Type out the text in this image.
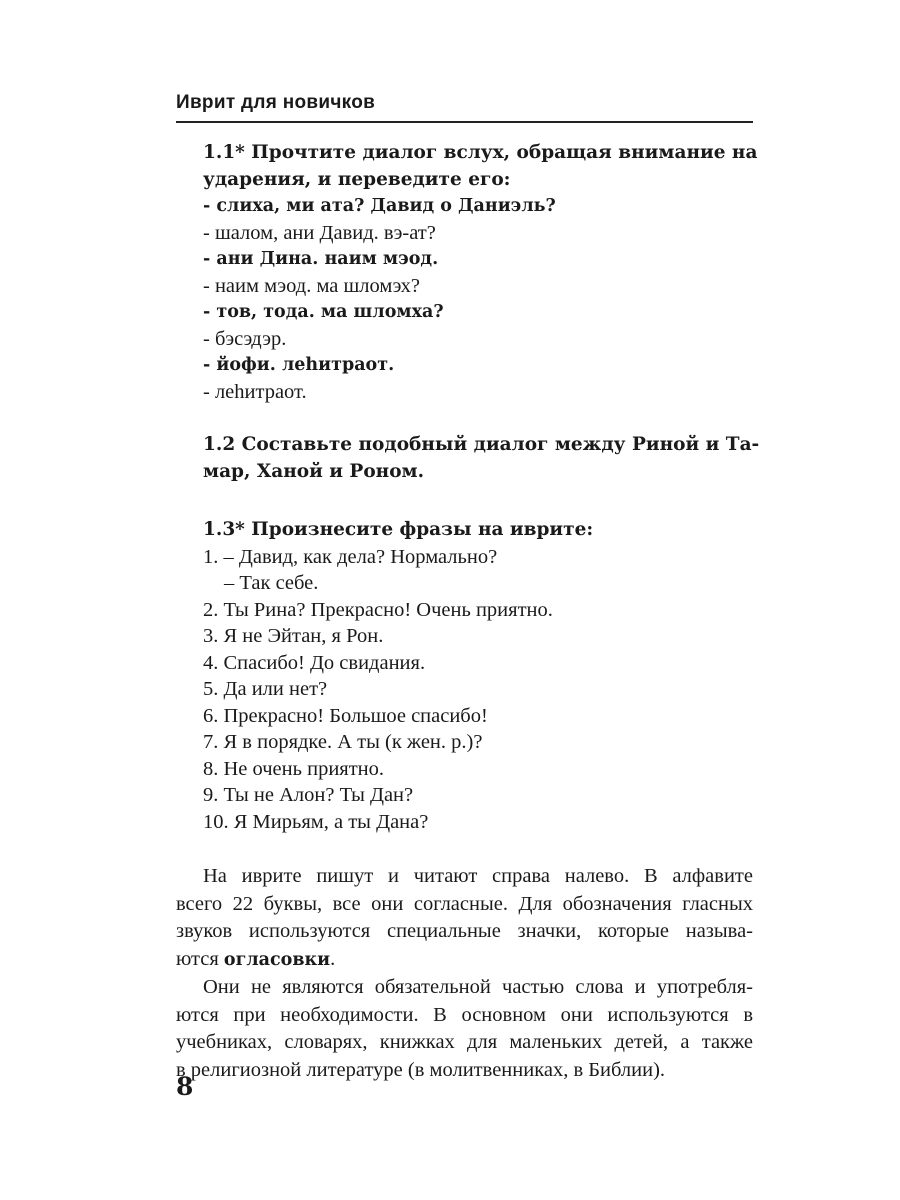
Иврит для новичков
1.1* Прочтите диалог вслух, обращая внимание на
ударения, и переведите его:
- слиха, ми ата? Давид о Даниэль?
- шалом, ани Давид. вэ-ат?
- ани Дина. наим мэод.
- наим мэод. ма шломэх?
- тов, тода. ма шломха?
- бэсэдэр.
- йофи. леhитраот.
- леhитраот.
1.2 Составьте подобный диалог между Риной и Та-
мар, Ханой и Роном.
1.3* Произнесите фразы на иврите:
1. – Давид, как дела? Нормально?
– Так себе.
2. Ты Рина? Прекрасно! Очень приятно.
3. Я не Эйтан, я Рон.
4. Спасибо! До свидания.
5. Да или нет?
6. Прекрасно! Большое спасибо!
7. Я в порядке. А ты (к жен. р.)?
8. Не очень приятно.
9. Ты не Алон? Ты Дан?
10. Я Мирьям, а ты Дана?
На иврите пишут и читают справа налево. В алфавите
всего 22 буквы, все они согласные. Для обозначения гласных
звуков используются специальные значки, которые называ-
ются огласовки.
Они не являются обязательной частью слова и употребля-
ются при необходимости. В основном они используются в
учебниках, словарях, книжках для маленьких детей, а также
в религиозной литературе (в молитвенниках, в Библии).
8
